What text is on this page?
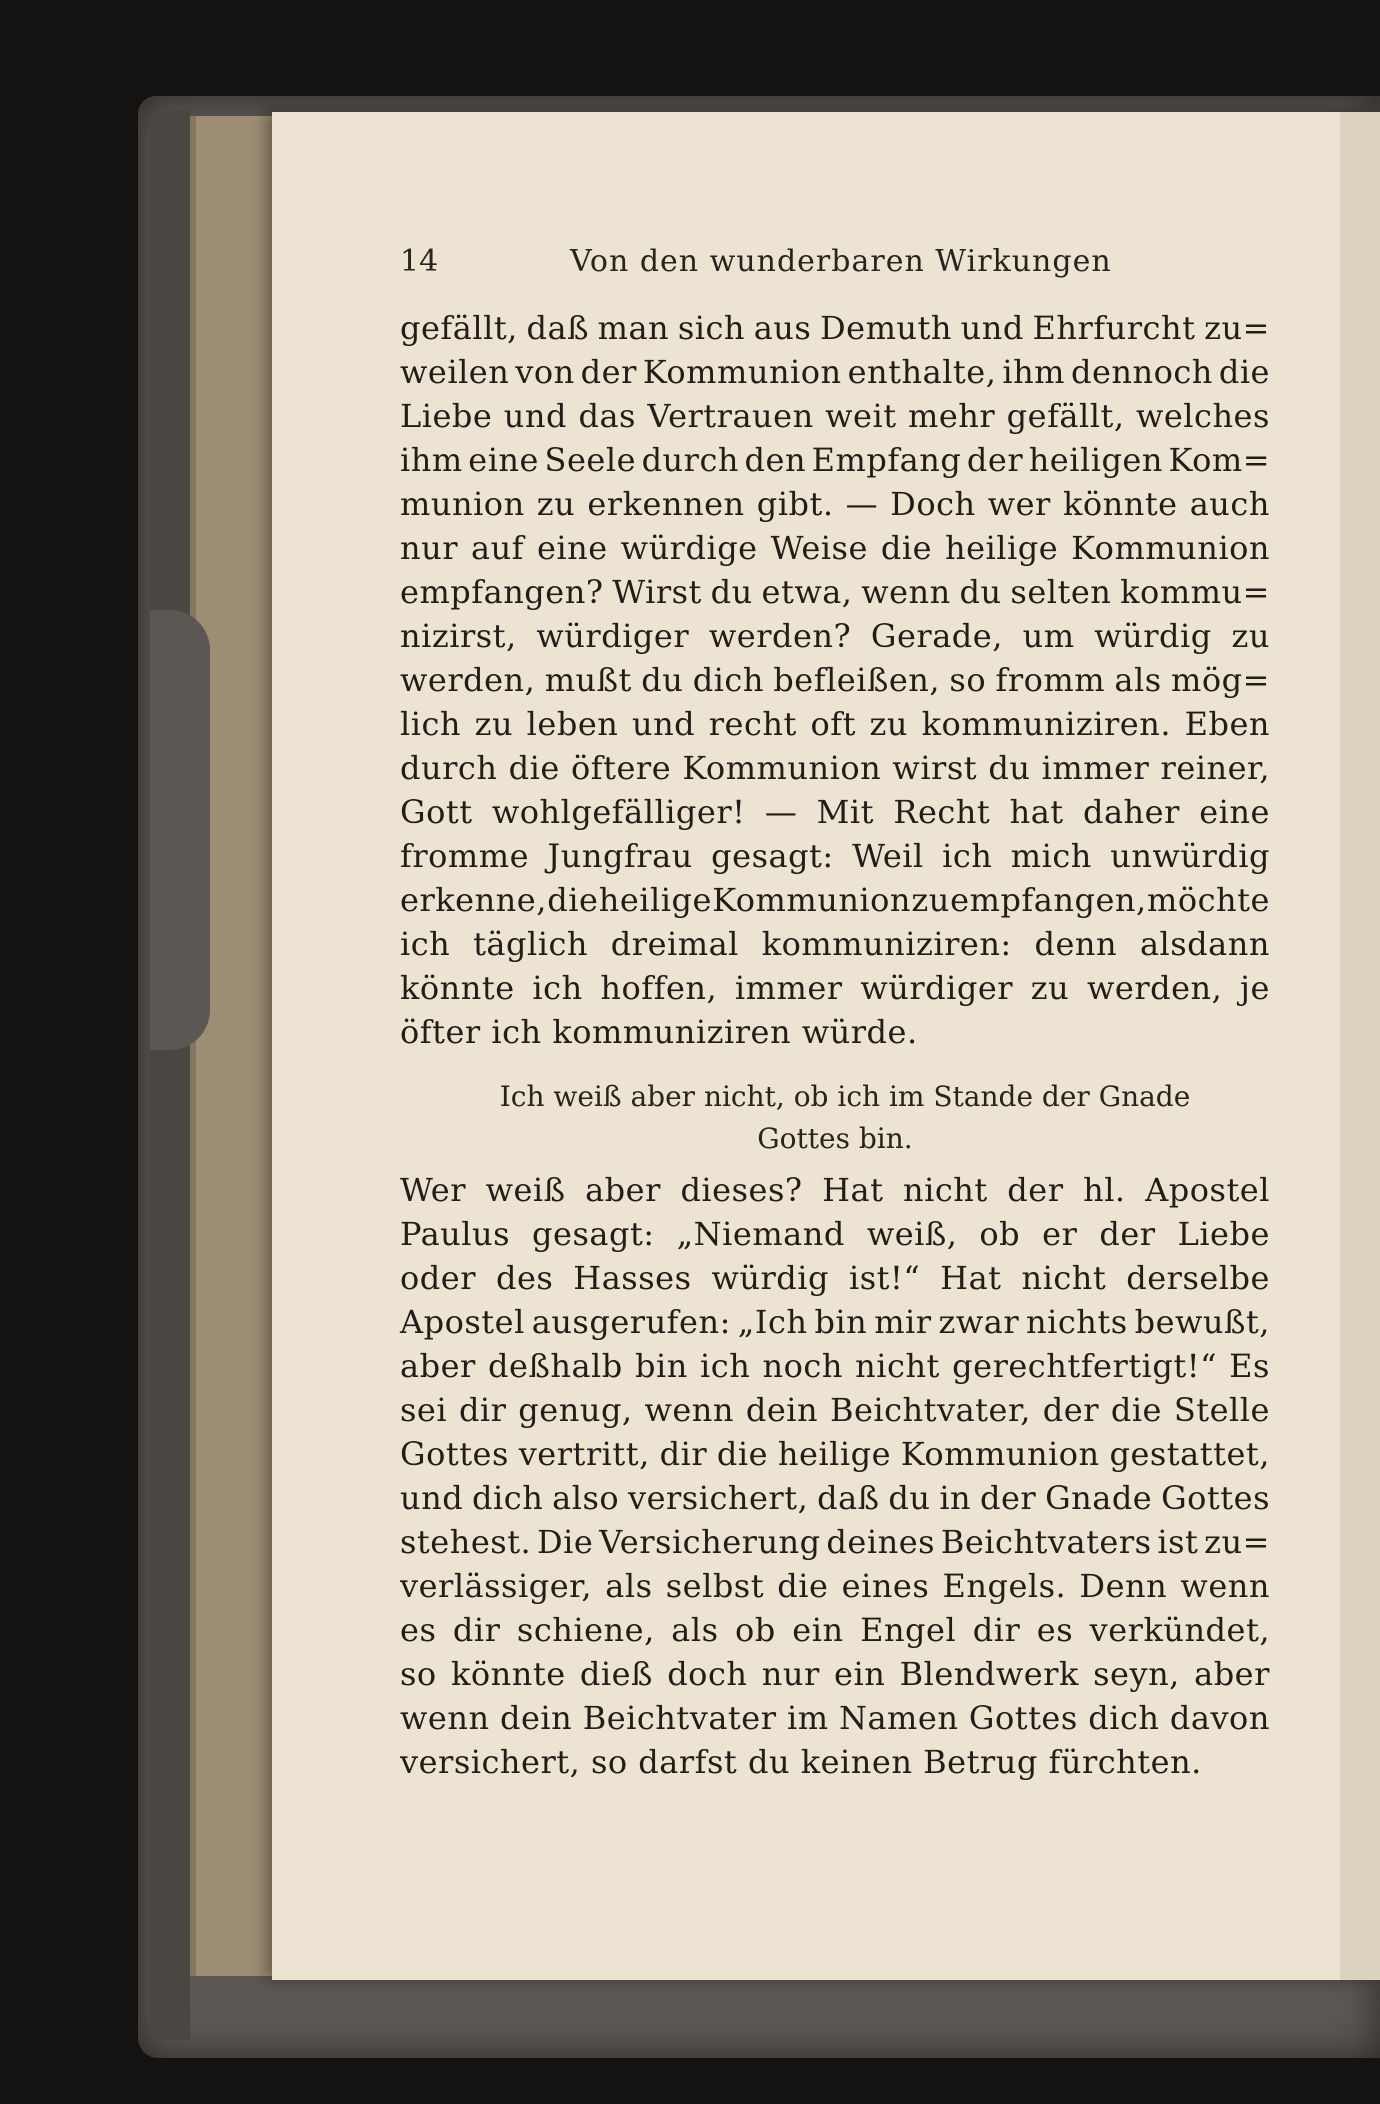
14	Von den wunderbaren Wirkungen
gefällt, daß man sich aus Demuth und Ehrfurcht zu=
weilen von der Kommunion enthalte, ihm dennoch die
Liebe und das Vertrauen weit mehr gefällt, welches
ihm eine Seele durch den Empfang der heiligen Kom=
munion zu erkennen gibt. — Doch wer könnte auch
nur auf eine würdige Weise die heilige Kommunion
empfangen? Wirst du etwa, wenn du selten kommu=
nizirst, würdiger werden? Gerade, um würdig zu
werden, mußt du dich befleißen, so fromm als mög=
lich zu leben und recht oft zu kommuniziren. Eben
durch die öftere Kommunion wirst du immer reiner,
Gott wohlgefälliger! — Mit Recht hat daher eine
fromme Jungfrau gesagt: Weil ich mich unwürdig
erkenne, die heilige Kommunion zu empfangen, möchte
ich täglich dreimal kommuniziren: denn alsdann
könnte ich hoffen, immer würdiger zu werden, je
öfter ich kommuniziren würde.
Ich weiß aber nicht, ob ich im Stande der Gnade
Gottes bin.
Wer weiß aber dieses? Hat nicht der hl. Apostel
Paulus gesagt: „Niemand weiß, ob er der Liebe
oder des Hasses würdig ist!“ Hat nicht derselbe
Apostel ausgerufen: „Ich bin mir zwar nichts bewußt,
aber deßhalb bin ich noch nicht gerechtfertigt!“ Es
sei dir genug, wenn dein Beichtvater, der die Stelle
Gottes vertritt, dir die heilige Kommunion gestattet,
und dich also versichert, daß du in der Gnade Gottes
stehest. Die Versicherung deines Beichtvaters ist zu=
verlässiger, als selbst die eines Engels. Denn wenn
es dir schiene, als ob ein Engel dir es verkündet,
so könnte dieß doch nur ein Blendwerk seyn, aber
wenn dein Beichtvater im Namen Gottes dich davon
versichert, so darfst du keinen Betrug fürchten.
